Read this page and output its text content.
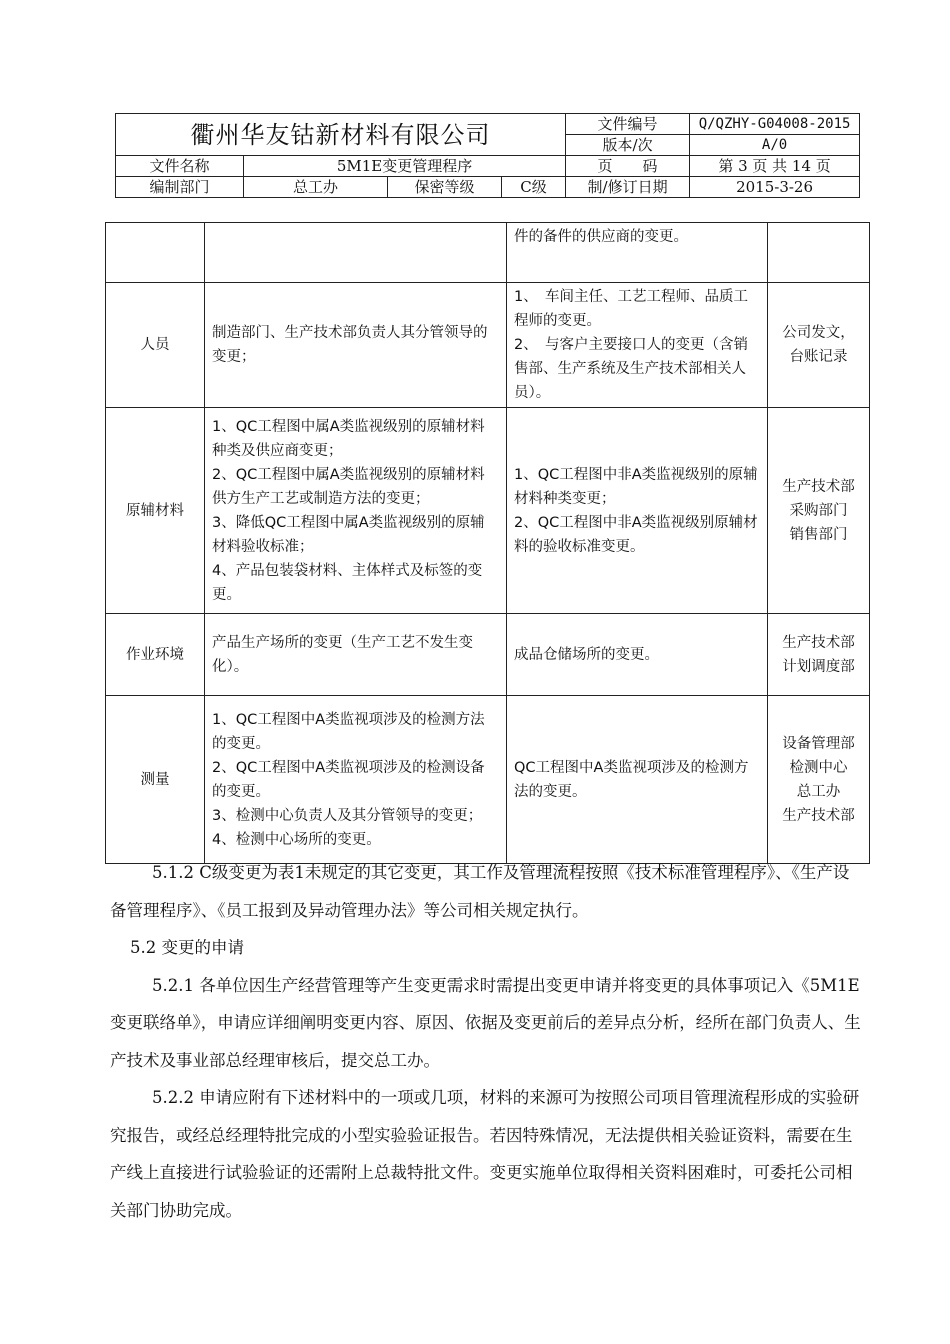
衢州华友钴新材料有限公司				文件编号	Q/QZHY-G04008-2015
				版本/次	A/0
文件名称	5M1E变更管理程序			页　　码	第 3 页 共 14 页
编制部门	总工办	保密等级	C级	制/修订日期	2015-3-26

		件的备件的供应商的变更。	

人员	制造部门、生产技术部负责人其分管领导的变更；	1、　车间主任、工艺工程师、品质工程师的变更。
2、　与客户主要接口人的变更（含销售部、生产系统及生产技术部相关人员）。	公司发文，
台账记录

原辅材料	1、QC工程图中属A类监视级别的原辅材料种类及供应商变更；
2、QC工程图中属A类监视级别的原辅材料供方生产工艺或制造方法的变更；
3、降低QC工程图中属A类监视级别的原辅材料验收标准；
4、产品包装袋材料、主体样式及标签的变更。	1、QC工程图中非A类监视级别的原辅材料种类变更；
2、QC工程图中非A类监视级别原辅材料的验收标准变更。	生产技术部
采购部门
销售部门

作业环境	产品生产场所的变更（生产工艺不发生变化）。	成品仓储场所的变更。	生产技术部
计划调度部

测量	1、QC工程图中A类监视项涉及的检测方法的变更。
2、QC工程图中A类监视项涉及的检测设备的变更。
3、检测中心负责人及其分管领导的变更；
4、检测中心场所的变更。	QC工程图中A类监视项涉及的检测方法的变更。	设备管理部
检测中心
总工办
生产技术部

5.1.2 C级变更为表1未规定的其它变更，其工作及管理流程按照《技术标准管理程序》、《生产设备管理程序》、《员工报到及异动管理办法》等公司相关规定执行。

5.2 变更的申请

5.2.1 各单位因生产经营管理等产生变更需求时需提出变更申请并将变更的具体事项记入《5M1E变更联络单》，申请应详细阐明变更内容、原因、依据及变更前后的差异点分析，经所在部门负责人、生产技术及事业部总经理审核后，提交总工办。

5.2.2 申请应附有下述材料中的一项或几项，材料的来源可为按照公司项目管理流程形成的实验研究报告，或经总经理特批完成的小型实验验证报告。若因特殊情况，无法提供相关验证资料，需要在生产线上直接进行试验验证的还需附上总裁特批文件。变更实施单位取得相关资料困难时，可委托公司相关部门协助完成。
